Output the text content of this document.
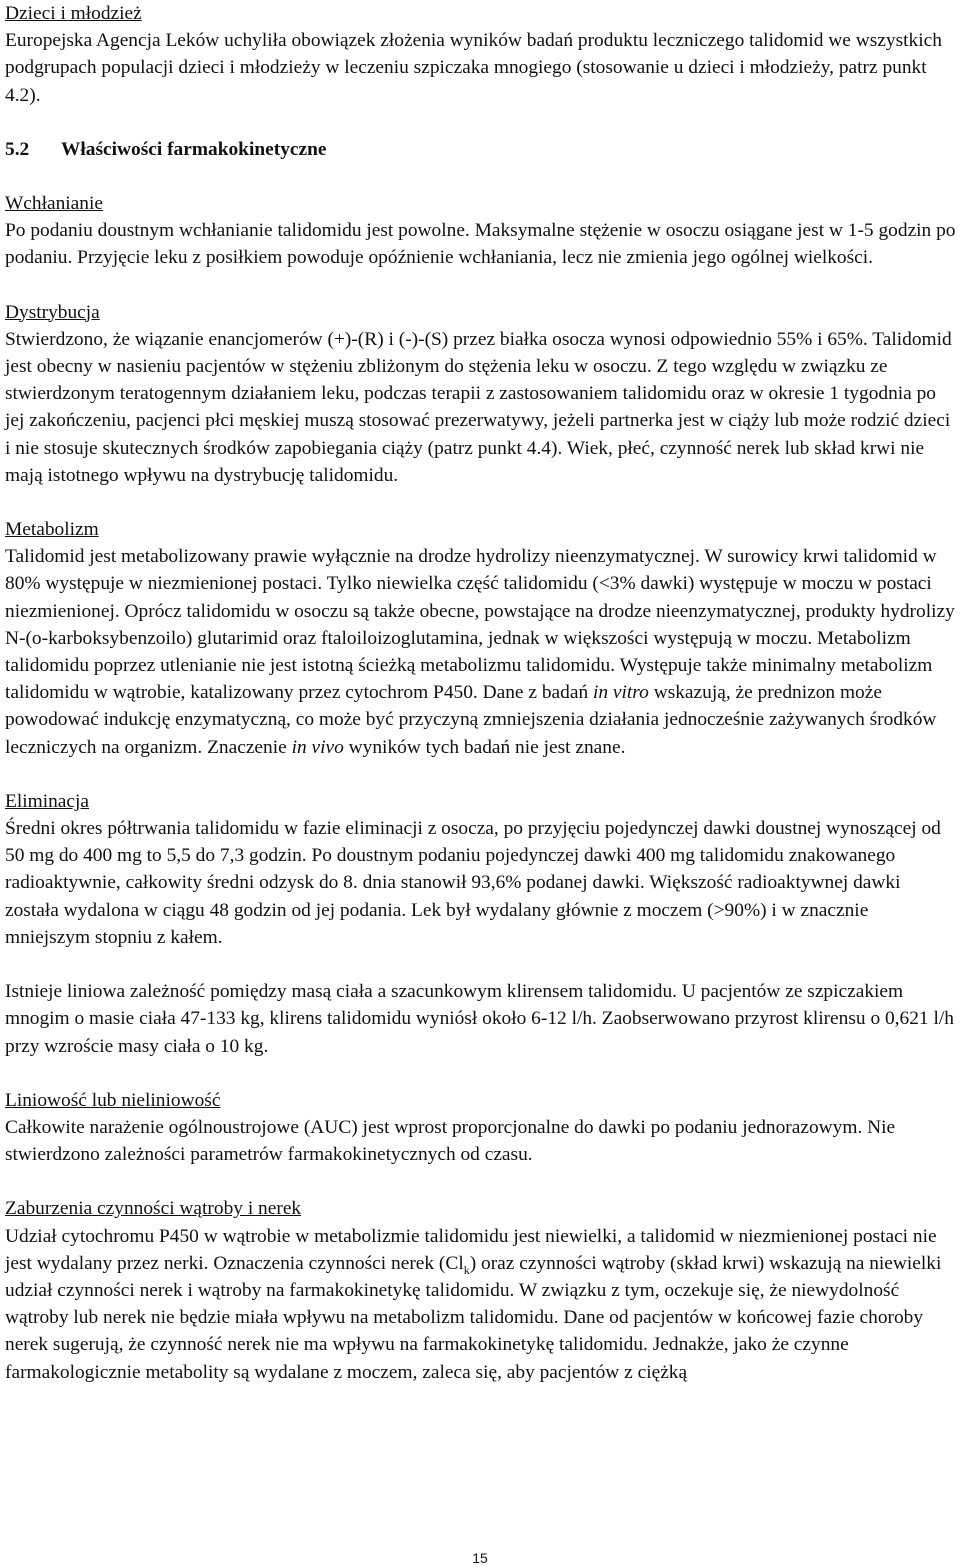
Dzieci i młodzież

Europejska Agencja Leków uchyliła obowiązek złożenia wyników badań produktu leczniczego talidomid we wszystkich podgrupach populacji dzieci i młodzieży w leczeniu szpiczaka mnogiego (stosowanie u dzieci i młodzieży, patrz punkt 4.2).

5.2 Właściwości farmakokinetyczne

Wchłanianie

Po podaniu doustnym wchłanianie talidomidu jest powolne. Maksymalne stężenie w osoczu osiągane jest w 1-5 godzin po podaniu. Przyjęcie leku z posiłkiem powoduje opóźnienie wchłaniania, lecz nie zmienia jego ogólnej wielkości.

Dystrybucja

Stwierdzono, że wiązanie enancjomerów (+)-(R) i (-)-(S) przez białka osocza wynosi odpowiednio 55% i 65%. Talidomid jest obecny w nasieniu pacjentów w stężeniu zbliżonym do stężenia leku w osoczu. Z tego względu w związku ze stwierdzonym teratogennym działaniem leku, podczas terapii z zastosowaniem talidomidu oraz w okresie 1 tygodnia po jej zakończeniu, pacjenci płci męskiej muszą stosować prezerwatywy, jeżeli partnerka jest w ciąży lub może rodzić dzieci i nie stosuje skutecznych środków zapobiegania ciąży (patrz punkt 4.4). Wiek, płeć, czynność nerek lub skład krwi nie mają istotnego wpływu na dystrybucję talidomidu.

Metabolizm

Talidomid jest metabolizowany prawie wyłącznie na drodze hydrolizy nieenzymatycznej. W surowicy krwi talidomid w 80% występuje w niezmienionej postaci. Tylko niewielka część talidomidu (<3% dawki) występuje w moczu w postaci niezmienionej. Oprócz talidomidu w osoczu są także obecne, powstające na drodze nieenzymatycznej, produkty hydrolizy N-(o-karboksybenzoilo) glutarimid oraz ftaloiloizoglutamina, jednak w większości występują w moczu. Metabolizm talidomidu poprzez utlenianie nie jest istotną ścieżką metabolizmu talidomidu. Występuje także minimalny metabolizm talidomidu w wątrobie, katalizowany przez cytochrom P450. Dane z badań in vitro wskazują, że prednizon może powodować indukcję enzymatyczną, co może być przyczyną zmniejszenia działania jednocześnie zażywanych środków leczniczych na organizm. Znaczenie in vivo wyników tych badań nie jest znane.

Eliminacja

Średni okres półtrwania talidomidu w fazie eliminacji z osocza, po przyjęciu pojedynczej dawki doustnej wynoszącej od 50 mg do 400 mg to 5,5 do 7,3 godzin. Po doustnym podaniu pojedynczej dawki 400 mg talidomidu znakowanego radioaktywnie, całkowity średni odzysk do 8. dnia stanowił 93,6% podanej dawki. Większość radioaktywnej dawki została wydalona w ciągu 48 godzin od jej podania. Lek był wydalany głównie z moczem (>90%) i w znacznie mniejszym stopniu z kałem.

Istnieje liniowa zależność pomiędzy masą ciała a szacunkowym klirensem talidomidu. U pacjentów ze szpiczakiem mnogim o masie ciała 47-133 kg, klirens talidomidu wyniósł około 6-12 l/h. Zaobserwowano przyrost klirensu o 0,621 l/h przy wzroście masy ciała o 10 kg.

Liniowość lub nieliniowość

Całkowite narażenie ogólnoustrojowe (AUC) jest wprost proporcjonalne do dawki po podaniu jednorazowym. Nie stwierdzono zależności parametrów farmakokinetycznych od czasu.

Zaburzenia czynności wątroby i nerek

Udział cytochromu P450 w wątrobie w metabolizmie talidomidu jest niewielki, a talidomid w niezmienionej postaci nie jest wydalany przez nerki. Oznaczenia czynności nerek $(Cl_k)$ oraz czynności wątroby (skład krwi) wskazują na niewielki udział czynności nerek i wątroby na farmakokinetykę talidomidu. W związku z tym, oczekuje się, że niewydolność wątroby lub nerek nie będzie miała wpływu na metabolizm talidomidu. Dane od pacjentów w końcowej fazie choroby nerek sugerują, że czynność nerek nie ma wpływu na farmakokinetykę talidomidu. Jednakże, jako że czynne farmakologicznie metabolity są wydalane z moczem, zaleca się, aby pacjentów z ciężką

15
